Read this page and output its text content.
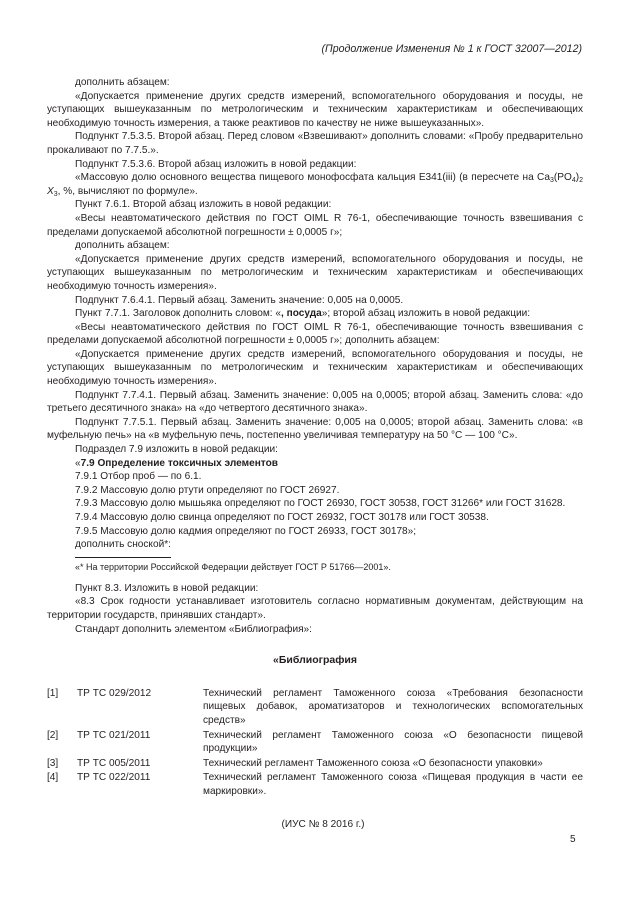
(Продолжение Изменения № 1 к ГОСТ 32007—2012)

дополнить абзацем:

«Допускается применение других средств измерений, вспомогательного оборудования и посуды, не уступающих вышеуказанным по метрологическим и техническим характеристикам и обеспечивающих необходимую точность измерения, а также реактивов по качеству не ниже вышеуказанных».

Подпункт 7.5.3.5. Второй абзац. Перед словом «Взвешивают» дополнить словами: «Пробу предварительно прокаливают по 7.7.5.».

Подпункт 7.5.3.6. Второй абзац изложить в новой редакции:

«Массовую долю основного вещества пищевого монофосфата кальция Е341(iii) (в пересчете на $Ca_3(PO_4)_2$ $X_3$, %, вычисляют по формуле».

Пункт 7.6.1. Второй абзац изложить в новой редакции:

«Весы неавтоматического действия по ГОСТ OIML R 76-1, обеспечивающие точность взвешивания с пределами допускаемой абсолютной погрешности ± 0,0005 г»;

дополнить абзацем:

«Допускается применение других средств измерений, вспомогательного оборудования и посуды, не уступающих вышеуказанным по метрологическим и техническим характеристикам и обеспечивающих необходимую точность измерения».

Подпункт 7.6.4.1. Первый абзац. Заменить значение: 0,005 на 0,0005.

Пункт 7.7.1. Заголовок дополнить словом: «, посуда»; второй абзац изложить в новой редакции:

«Весы неавтоматического действия по ГОСТ OIML R 76-1, обеспечивающие точность взвешивания с пределами допускаемой абсолютной погрешности ± 0,0005 г»; дополнить абзацем:

«Допускается применение других средств измерений, вспомогательного оборудования и посуды, не уступающих вышеуказанным по метрологическим и техническим характеристикам и обеспечивающих необходимую точность измерения».

Подпункт 7.7.4.1. Первый абзац. Заменить значение: 0,005 на 0,0005; второй абзац. Заменить слова: «до третьего десятичного знака» на «до четвертого десятичного знака».

Подпункт 7.7.5.1. Первый абзац. Заменить значение: 0,005 на 0,0005; второй абзац. Заменить слова: «в муфельную печь» на «в муфельную печь, постепенно увеличивая температуру на 50 °С — 100 °С».

Подраздел 7.9 изложить в новой редакции:

«7.9 Определение токсичных элементов

7.9.1 Отбор проб — по 6.1.

7.9.2 Массовую долю ртути определяют по ГОСТ 26927.

7.9.3 Массовую долю мышьяка определяют по ГОСТ 26930, ГОСТ 30538, ГОСТ 31266* или ГОСТ 31628.

7.9.4 Массовую долю свинца определяют по ГОСТ 26932, ГОСТ 30178 или ГОСТ 30538.

7.9.5 Массовую долю кадмия определяют по ГОСТ 26933, ГОСТ 30178»;

дополнить сноской*:

«* На территории Российской Федерации действует ГОСТ Р 51766—2001».

Пункт 8.3. Изложить в новой редакции:

«8.3 Срок годности устанавливает изготовитель согласно нормативным документам, действующим на территории государств, принявших стандарт».

Стандарт дополнить элементом «Библиография»:

«Библиография
[1]	ТР ТС 029/2012	Технический регламент Таможенного союза «Требования безопасности пищевых добавок, ароматизаторов и технологических вспомогательных средств»
[2]	ТР ТС 021/2011	Технический регламент Таможенного союза «О безопасности пищевой продукции»
[3]	ТР ТС 005/2011	Технический регламент Таможенного союза «О безопасности упаковки»
[4]	ТР ТС 022/2011	Технический регламент Таможенного союза «Пищевая продукция в части ее маркировки».
(ИУС № 8 2016 г.)
5
